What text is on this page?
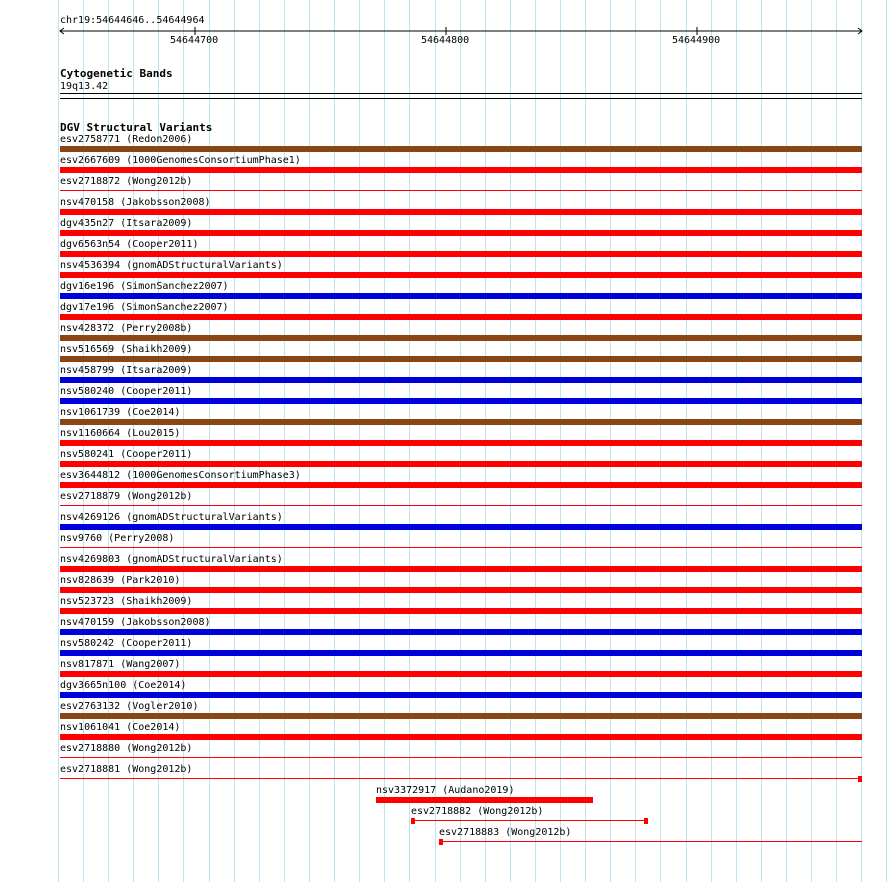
chr19:54644646..54644964
54644700	54644800	54644900
Cytogenetic Bands
19q13.42
DGV Structural Variants
esv2758771 (Redon2006)
esv2667609 (1000GenomesConsortiumPhase1)
esv2718872 (Wong2012b)
nsv470158 (Jakobsson2008)
dgv435n27 (Itsara2009)
dgv6563n54 (Cooper2011)
nsv4536394 (gnomADStructuralVariants)
dgv16e196 (SimonSanchez2007)
dgv17e196 (SimonSanchez2007)
nsv428372 (Perry2008b)
nsv516569 (Shaikh2009)
nsv458799 (Itsara2009)
nsv580240 (Cooper2011)
nsv1061739 (Coe2014)
nsv1160664 (Lou2015)
nsv580241 (Cooper2011)
esv3644812 (1000GenomesConsortiumPhase3)
esv2718879 (Wong2012b)
nsv4269126 (gnomADStructuralVariants)
nsv9760 (Perry2008)
nsv4269803 (gnomADStructuralVariants)
nsv828639 (Park2010)
nsv523723 (Shaikh2009)
nsv470159 (Jakobsson2008)
nsv580242 (Cooper2011)
nsv817871 (Wang2007)
dgv3665n100 (Coe2014)
esv2763132 (Vogler2010)
nsv1061041 (Coe2014)
esv2718880 (Wong2012b)
esv2718881 (Wong2012b)
nsv3372917 (Audano2019)
esv2718882 (Wong2012b)
esv2718883 (Wong2012b)
